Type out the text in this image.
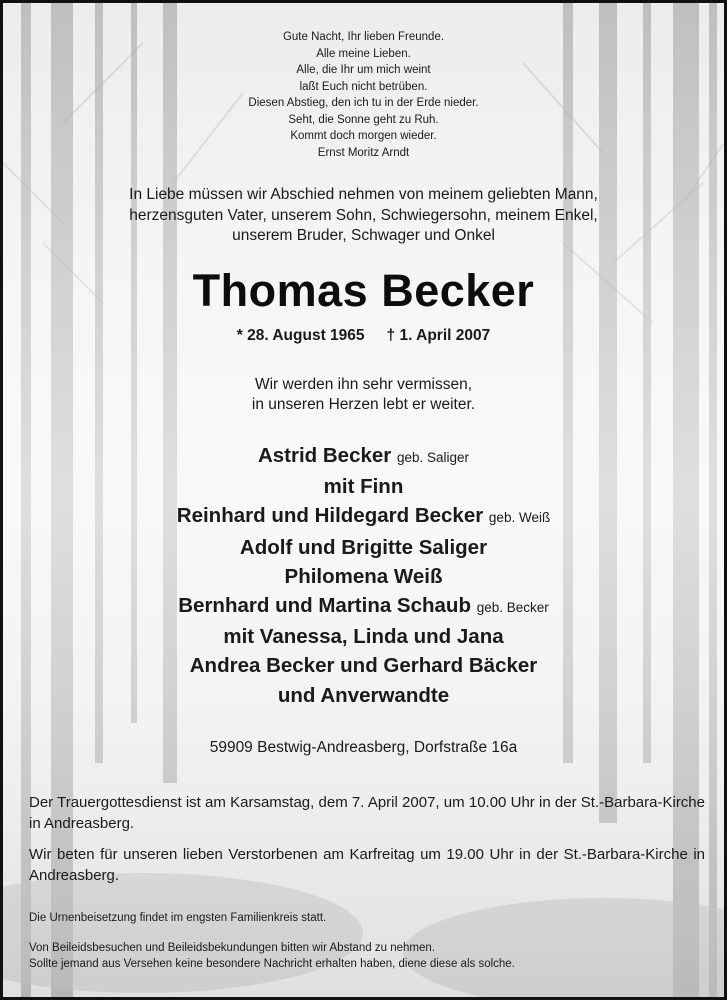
Gute Nacht, Ihr lieben Freunde.
Alle meine Lieben.
Alle, die Ihr um mich weint
laßt Euch nicht betrüben.
Diesen Abstieg, den ich tu in der Erde nieder.
Seht, die Sonne geht zu Ruh.
Kommt doch morgen wieder.
Ernst Moritz Arndt
In Liebe müssen wir Abschied nehmen von meinem geliebten Mann,
herzensguten Vater, unserem Sohn, Schwiegersohn, meinem Enkel,
unserem Bruder, Schwager und Onkel
Thomas Becker
* 28. August 1965 † 1. April 2007
Wir werden ihn sehr vermissen,
in unseren Herzen lebt er weiter.
Astrid Becker geb. Saliger
mit Finn
Reinhard und Hildegard Becker geb. Weiß
Adolf und Brigitte Saliger
Philomena Weiß
Bernhard und Martina Schaub geb. Becker
mit Vanessa, Linda und Jana
Andrea Becker und Gerhard Bäcker
und Anverwandte
59909 Bestwig-Andreasberg, Dorfstraße 16a
Der Trauergottesdienst ist am Karsamstag, dem 7. April 2007, um 10.00 Uhr in der St.-Barbara-Kirche in Andreasberg.
Wir beten für unseren lieben Verstorbenen am Karfreitag um 19.00 Uhr in der St.-Barbara-Kirche in Andreasberg.
Die Urnenbeisetzung findet im engsten Familienkreis statt.
Von Beileidsbesuchen und Beileidsbekundungen bitten wir Abstand zu nehmen.
Sollte jemand aus Versehen keine besondere Nachricht erhalten haben, diene diese als solche.
